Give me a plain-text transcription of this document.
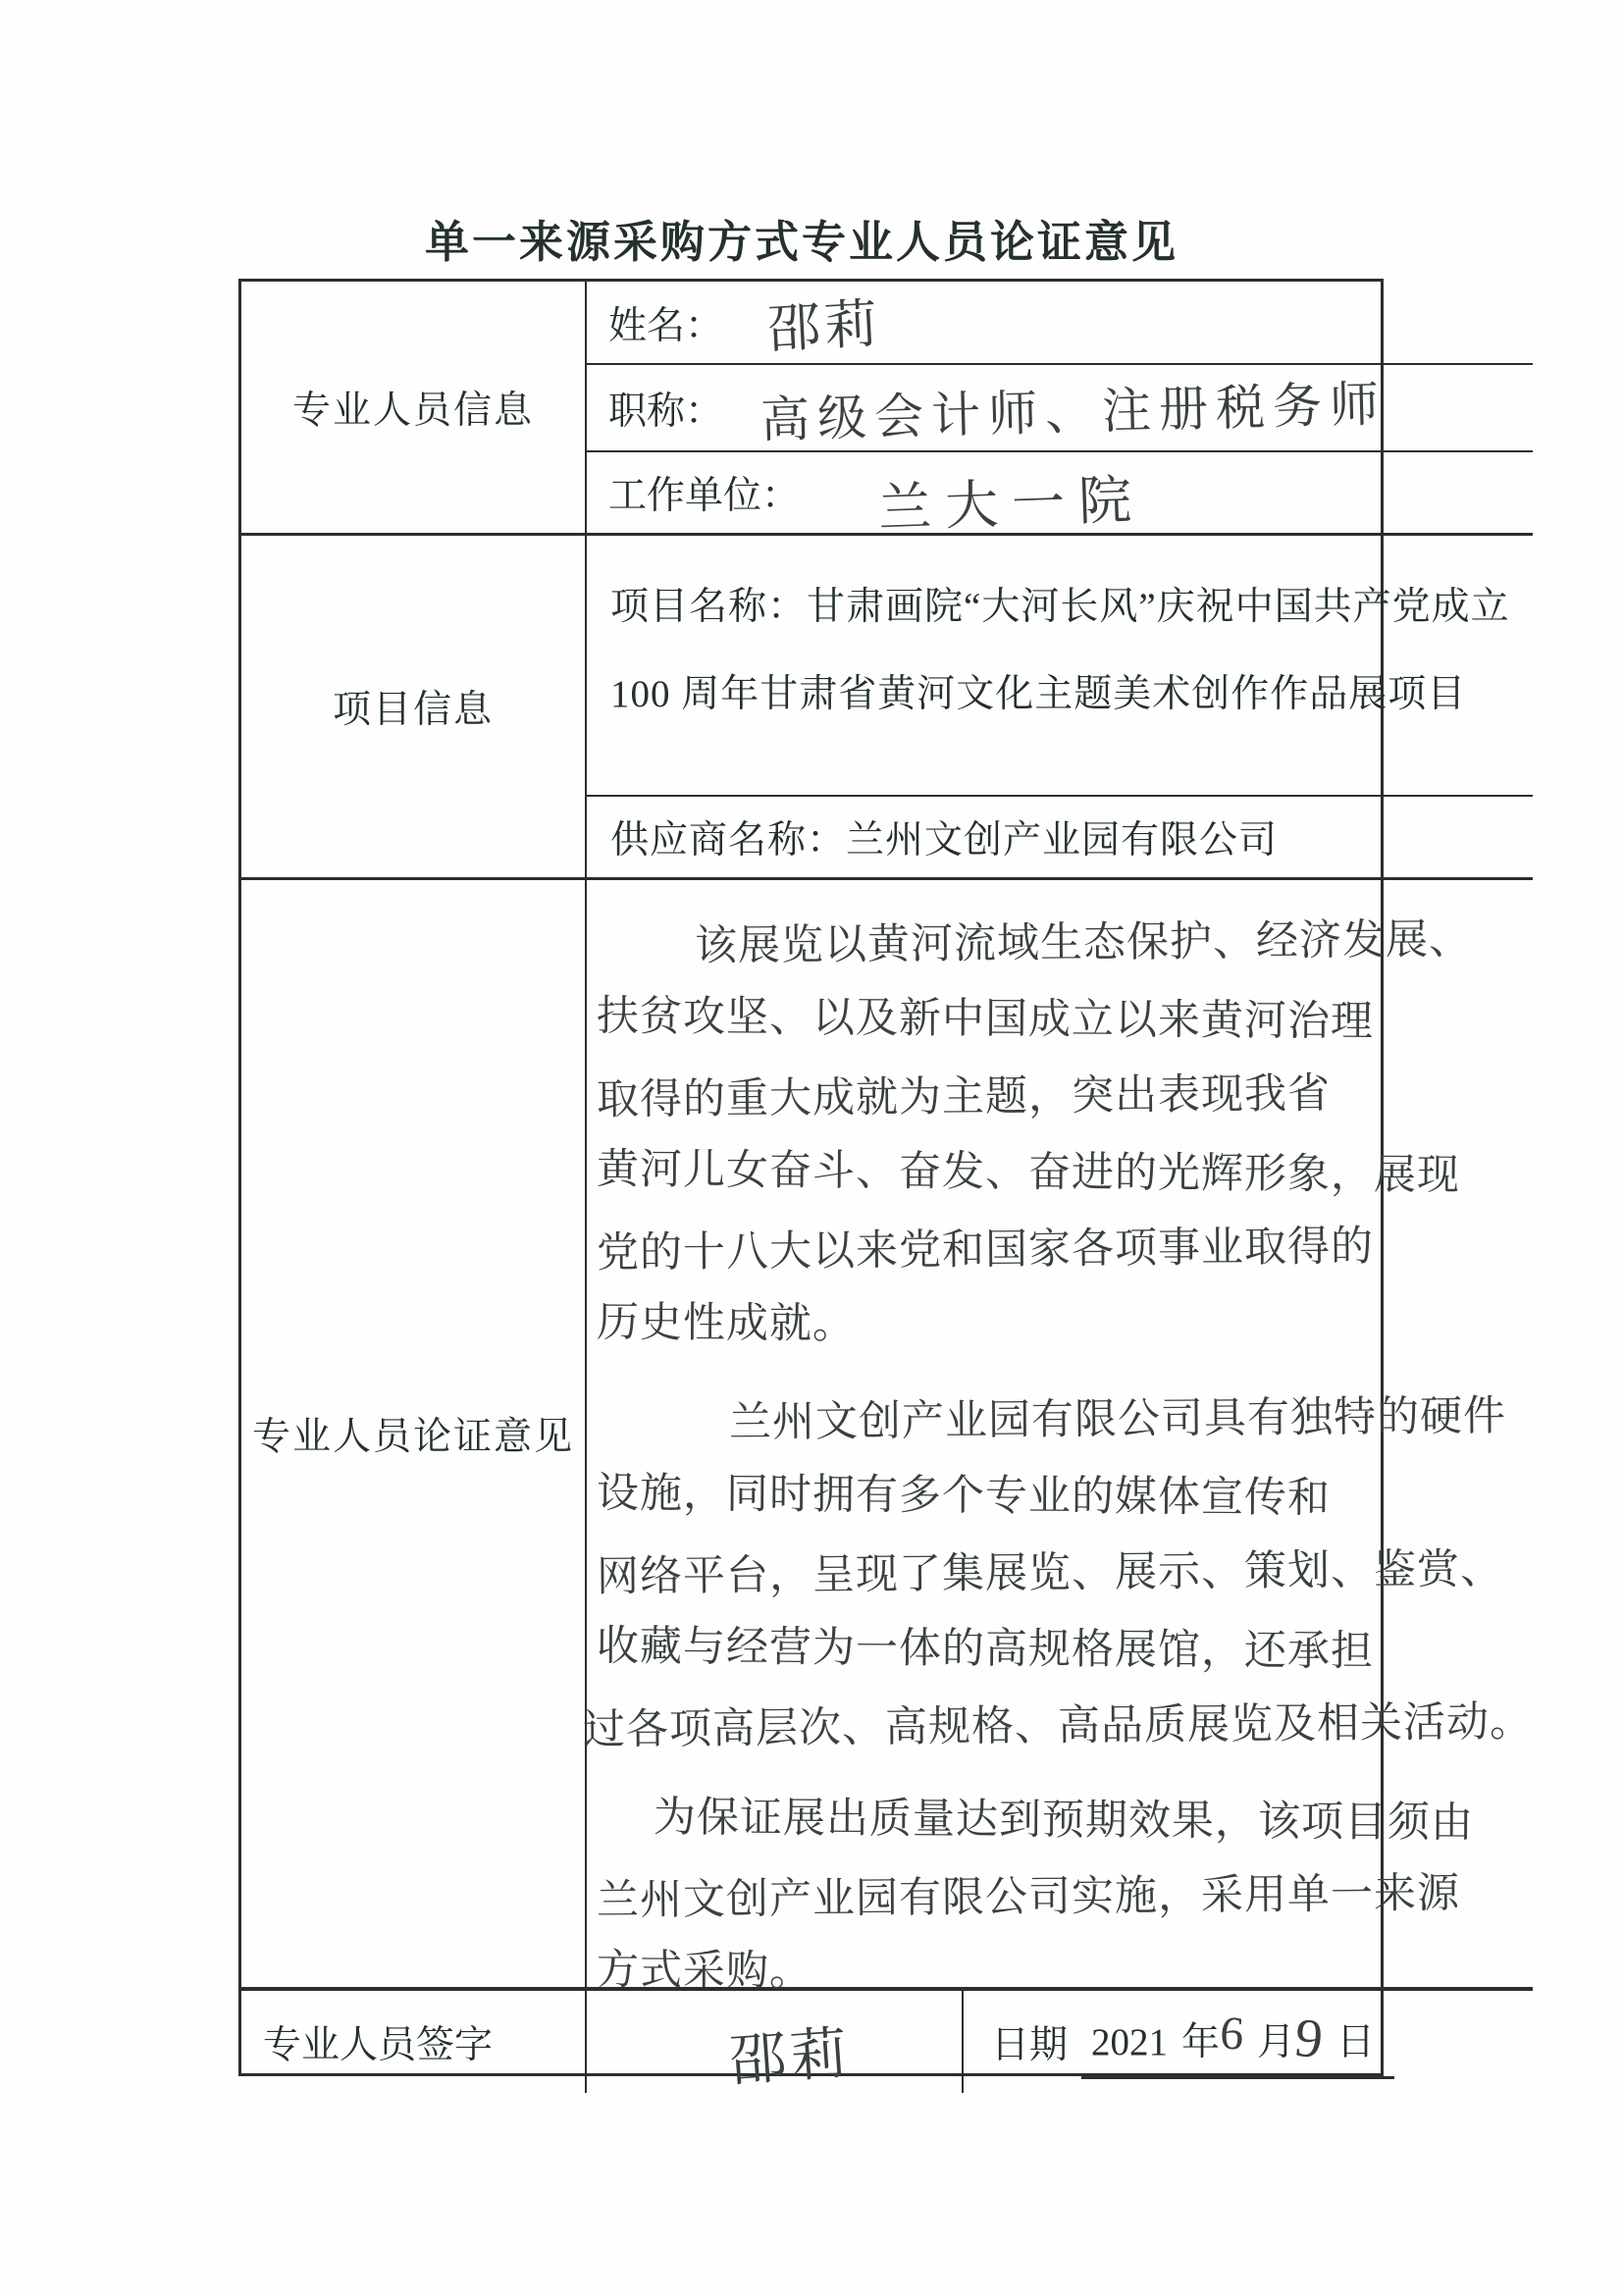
单一来源采购方式专业人员论证意见
专业人员信息
姓名： 邵莉
职称： 高级会计师、注册税务师
工作单位： 兰大一院
项目信息
项目名称：甘肃画院“大河长风”庆祝中国共产党成立 100 周年甘肃省黄河文化主题美术创作作品展项目
供应商名称： 兰州文创产业园有限公司
专业人员论证意见
该展览以黄河流域生态保护、经济发展、
扶贫攻坚、以及新中国成立以来黄河治理
取得的重大成就为主题，突出表现我省
黄河儿女奋斗、奋发、奋进的光辉形象，展现
党的十八大以来党和国家各项事业取得的
历史性成就。
兰州文创产业园有限公司具有独特的硬件
设施，同时拥有多个专业的媒体宣传和
网络平台，呈现了集展览、展示、策划、鉴赏、
收藏与经营为一体的高规格展馆，还承担
过各项高层次、高规格、高品质展览及相关活动。
为保证展出质量达到预期效果，该项目须由
兰州文创产业园有限公司实施，采用单一来源
方式采购。
专业人员签字	邵莉	日期 2021 年
6 月
9 日
